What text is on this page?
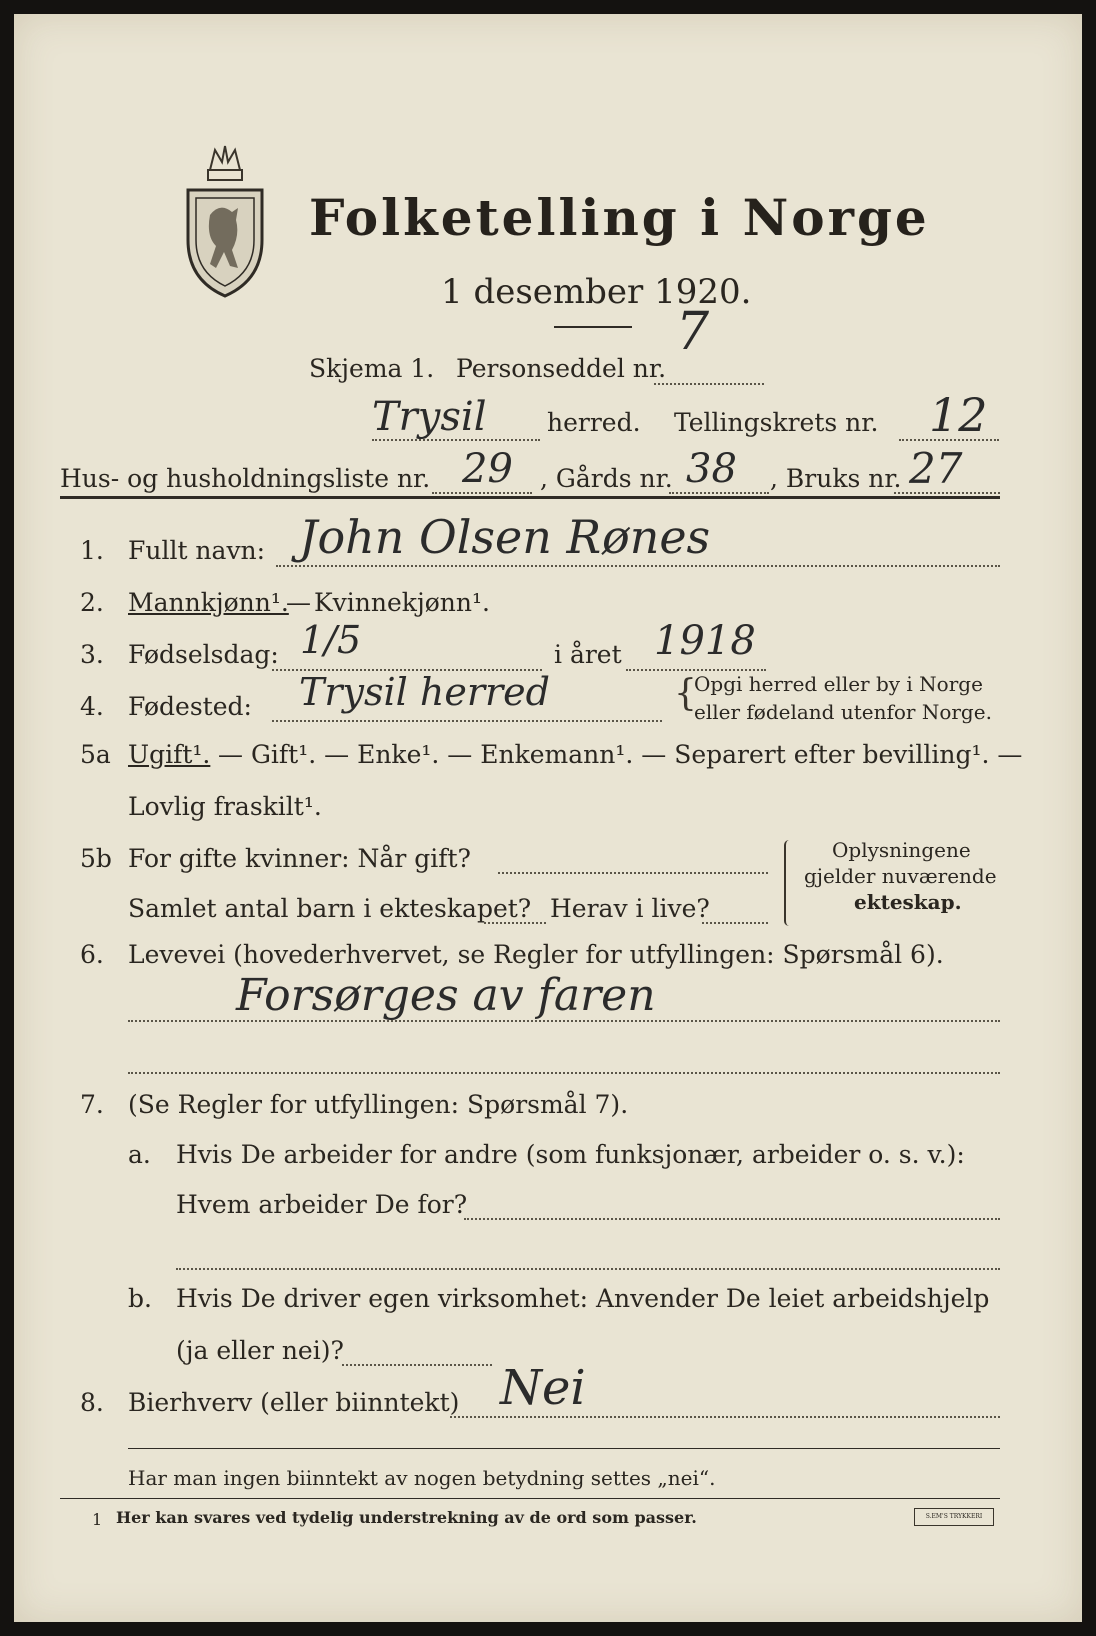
Folketelling i Norge
1 desember 1920.
7
Skjema 1. Personseddel nr.
Trysil herred. Tellingskrets nr. 12
Hus- og husholdningsliste nr. 29 , Gårds nr. 38 , Bruks nr. 27
1. Fullt navn: John Olsen Rønes
2. Mannkjønn¹.
— Kvinnekjønn¹.
3. Fødselsdag: 1/5	i året 1918
4. Fødested: Trysil herred	{
Opgi herred eller by i Norge
eller fødeland utenfor Norge.
5a Ugift¹. — Gift¹. — Enke¹. — Enkemann¹. — Separert efter bevilling¹. —
Lovlig fraskilt¹.
5b For gifte kvinner: Når gift?
Samlet antal barn i ekteskapet? Herav i live?
Oplysningene
gjelder nuværende
ekteskap.
6. Levevei (hovederhvervet, se Regler for utfyllingen: Spørsmål 6).
Forsørges av faren
7. (Se Regler for utfyllingen: Spørsmål 7).
a. Hvis De arbeider for andre (som funksjonær, arbeider o. s. v.):
Hvem arbeider De for?
b. Hvis De driver egen virksomhet: Anvender De leiet arbeidshjelp
(ja eller nei)?
8. Bierhverv (eller biinntekt) Nei
Har man ingen biinntekt av nogen betydning settes „nei“.
1 Her kan svares ved tydelig understrekning av de ord som passer.	S.EM'S TRYKKERI
